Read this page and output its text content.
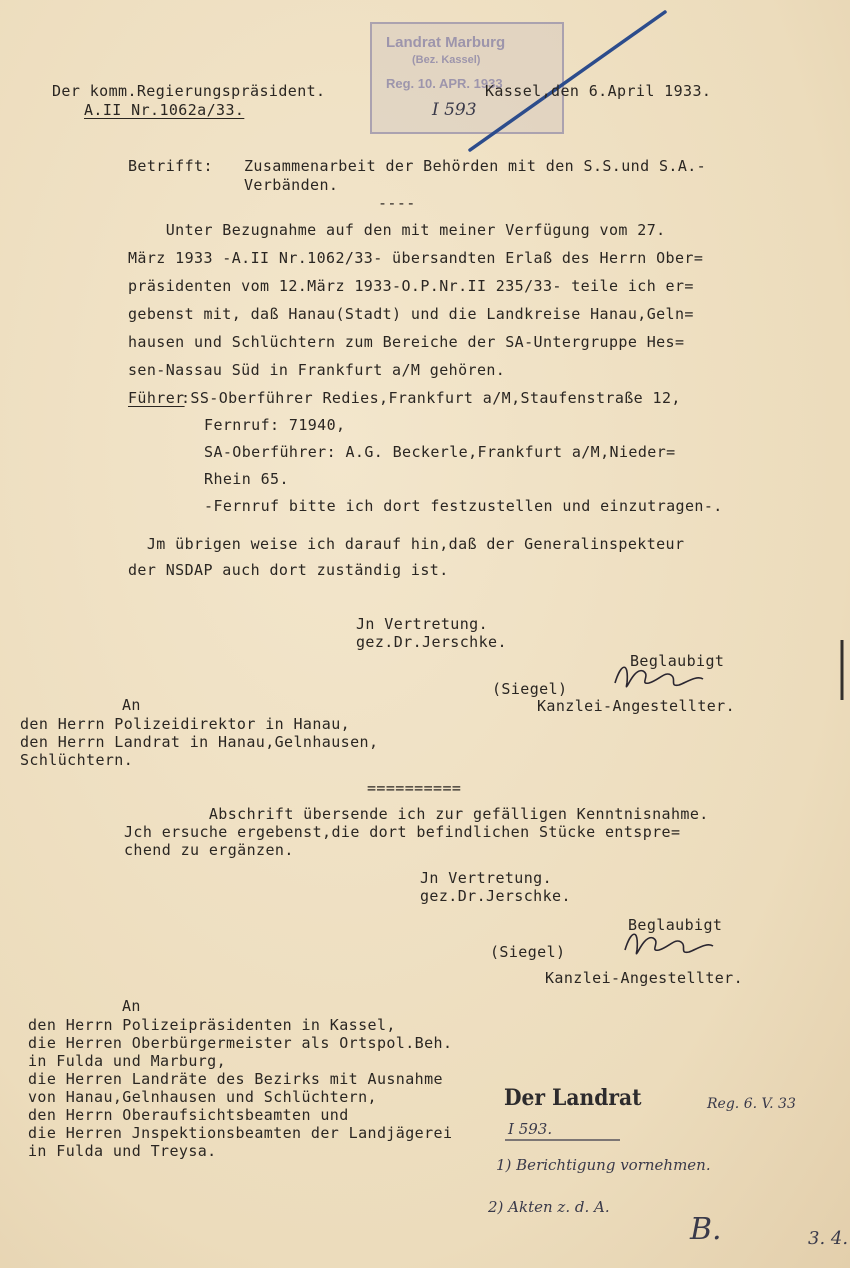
Landrat Marburg
(Bez. Kassel)
Reg. 10. APR. 1933
Der komm.Regierungspräsident.
A.II Nr.1062a/33.
Kassel,den 6.April 1933.
I 593
Betrifft: Zusammenarbeit der Behörden mit den S.S.und S.A.-
Verbänden.
----
Unter Bezugnahme auf den mit meiner Verfügung vom 27.
März 1933 -A.II Nr.1062/33- übersandten Erlaß des Herrn Ober=
präsidenten vom 12.März 1933-O.P.Nr.II 235/33- teile ich er=
gebenst mit, daß Hanau(Stadt) und die Landkreise Hanau,Geln=
hausen und Schlüchtern zum Bereiche der SA-Untergruppe Hes=
sen-Nassau Süd in Frankfurt a/M gehören.
Führer
:SS-Oberführer Redies,Frankfurt a/M,Staufenstraße 12,
Fernruf: 71940,
SA-Oberführer: A.G. Beckerle,Frankfurt a/M,Nieder=
Rhein 65.
-Fernruf bitte ich dort festzustellen und einzutragen-.
Jm übrigen weise ich darauf hin,daß der Generalinspekteur
der NSDAP auch dort zuständig ist.
Jn Vertretung.
gez.Dr.Jerschke.
Beglaubigt
(Siegel)
Kanzlei-Angestellter.
An
den Herrn Polizeidirektor in Hanau,
den Herrn Landrat in Hanau,Gelnhausen,
Schlüchtern.
==========
Abschrift übersende ich zur gefälligen Kenntnisnahme.
Jch ersuche ergebenst,die dort befindlichen Stücke entspre=
chend zu ergänzen.
Jn Vertretung.
gez.Dr.Jerschke.
Beglaubigt
(Siegel)
Kanzlei-Angestellter.
An
den Herrn Polizeipräsidenten in Kassel,
die Herren Oberbürgermeister als Ortspol.Beh.
in Fulda und Marburg,
die Herren Landräte des Bezirks mit Ausnahme
von Hanau,Gelnhausen und Schlüchtern,
den Herrn Oberaufsichtsbeamten und
die Herren Jnspektionsbeamten der Landjägerei
in Fulda und Treysa.
Der Landrat	Reg. 6. V. 33
I 593.
1) Berichtigung vornehmen.
2) Akten z. d. A.
B.	3. 4.
